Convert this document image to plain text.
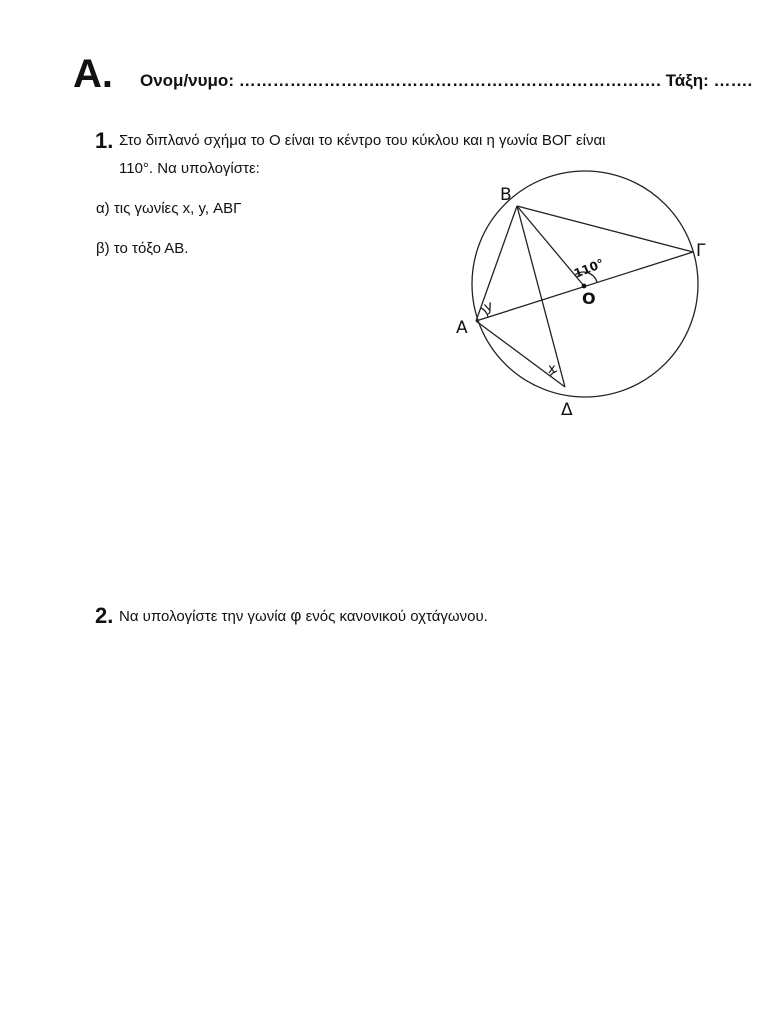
Α. Ονομ/νυμο: ……………………..…………………………………………. Τάξη: …….
1. Στο διπλανό σχήμα το Ο είναι το κέντρο του κύκλου και η γωνία ΒΟΓ είναι
110°. Να υπολογίστε:
α) τις γωνίες x, y, ΑΒΓ
β) το τόξο ΑΒ.
Β
Γ
Α
Δ
Ο
110°
y
x
2. Να υπολογίστε την γωνία φ ενός κανονικού οχτάγωνου.
